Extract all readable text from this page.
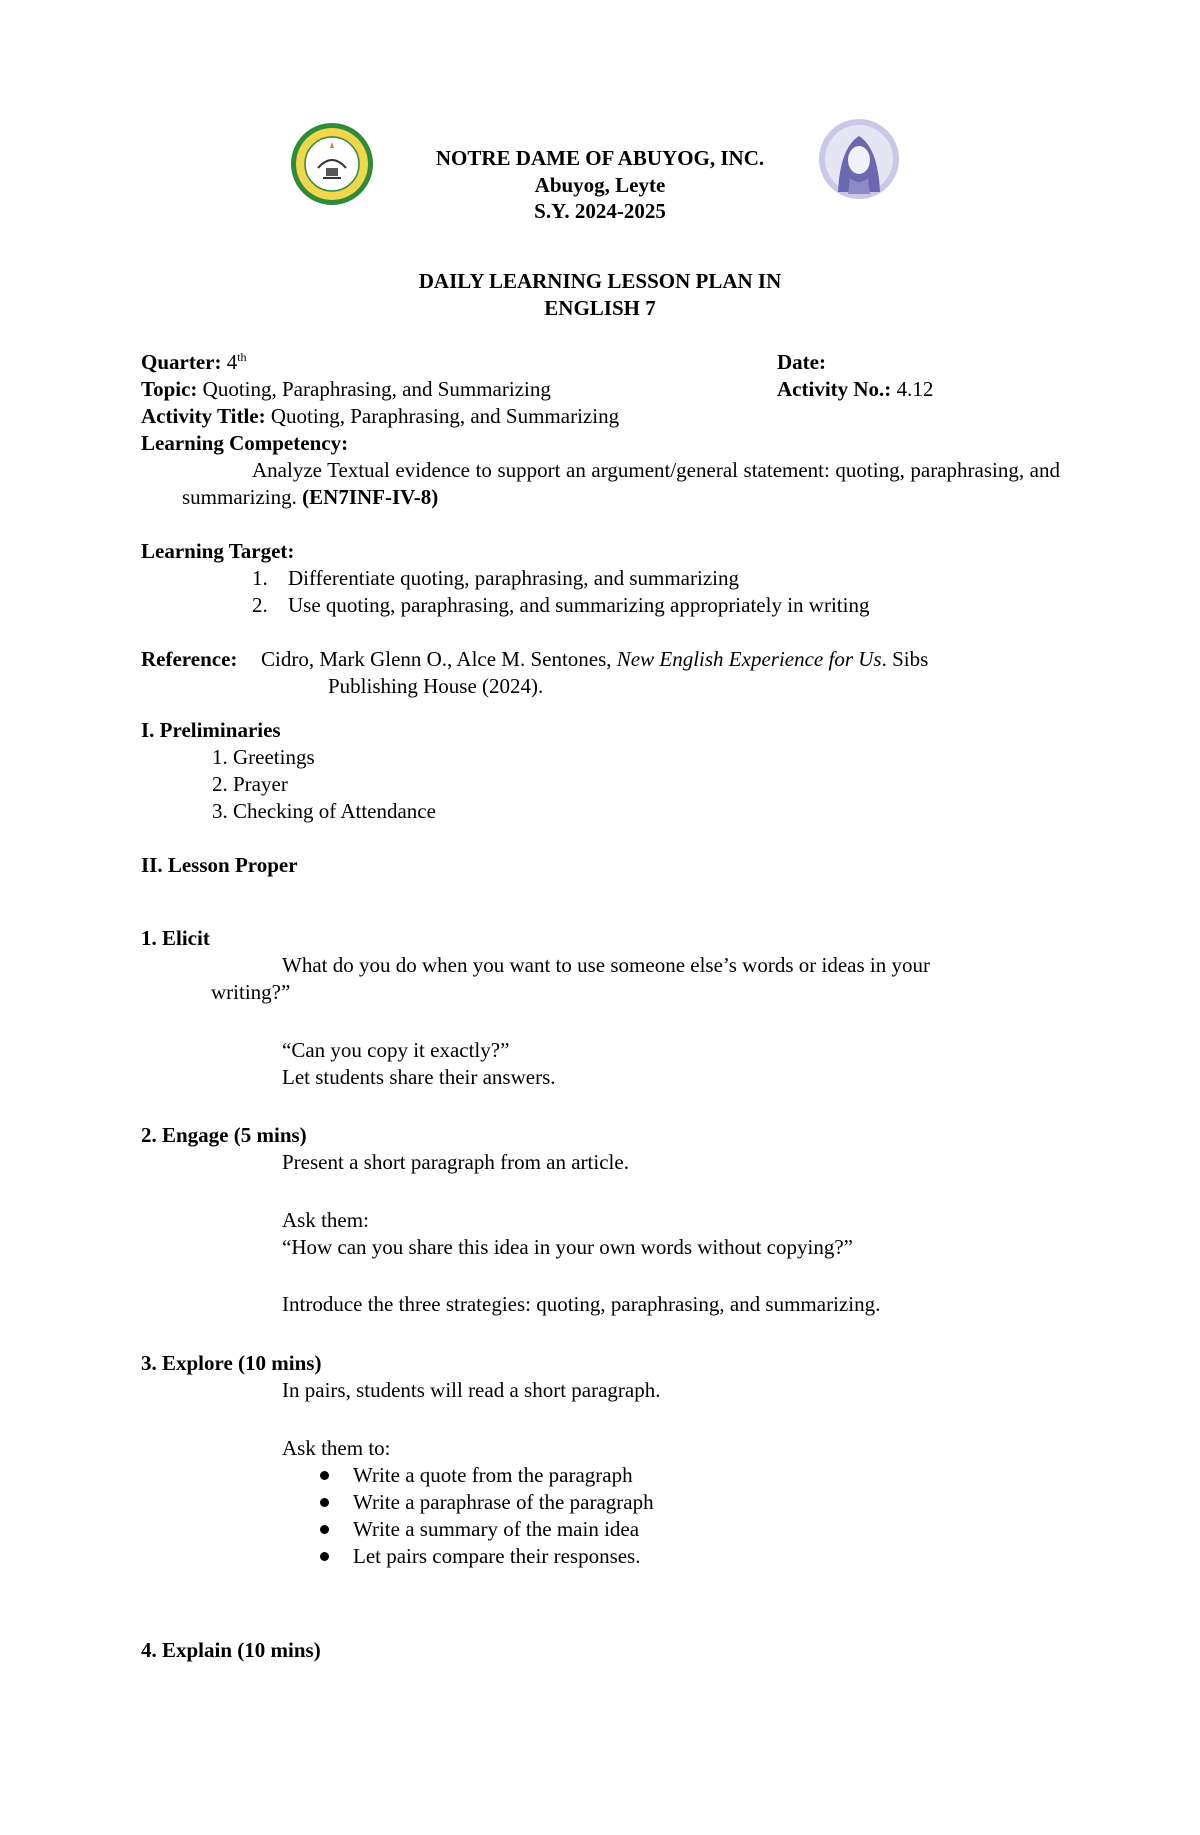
NOTRE DAME OF ABUYOG, INC.
Abuyog, Leyte
S.Y. 2024-2025
DAILY LEARNING LESSON PLAN IN
ENGLISH 7
Quarter: 4th	Date:
Topic: Quoting, Paraphrasing, and Summarizing	Activity No.: 4.12
Activity Title: Quoting, Paraphrasing, and Summarizing
Learning Competency:
Analyze Textual evidence to support an argument/general statement: quoting, paraphrasing, and summarizing. (EN7INF-IV-8)
Learning Target:
1. Differentiate quoting, paraphrasing, and summarizing
2. Use quoting, paraphrasing, and summarizing appropriately in writing
Reference: Cidro, Mark Glenn O., Alce M. Sentones, New English Experience for Us. Sibs
Publishing House (2024).
I. Preliminaries
1. Greetings
2. Prayer
3. Checking of Attendance
II. Lesson Proper
1. Elicit
What do you do when you want to use someone else’s words or ideas in your
writing?”
“Can you copy it exactly?”
Let students share their answers.
2. Engage (5 mins)
Present a short paragraph from an article.
Ask them:
“How can you share this idea in your own words without copying?”
Introduce the three strategies: quoting, paraphrasing, and summarizing.
3. Explore (10 mins)
In pairs, students will read a short paragraph.
Ask them to:
Write a quote from the paragraph
Write a paraphrase of the paragraph
Write a summary of the main idea
Let pairs compare their responses.
4. Explain (10 mins)
